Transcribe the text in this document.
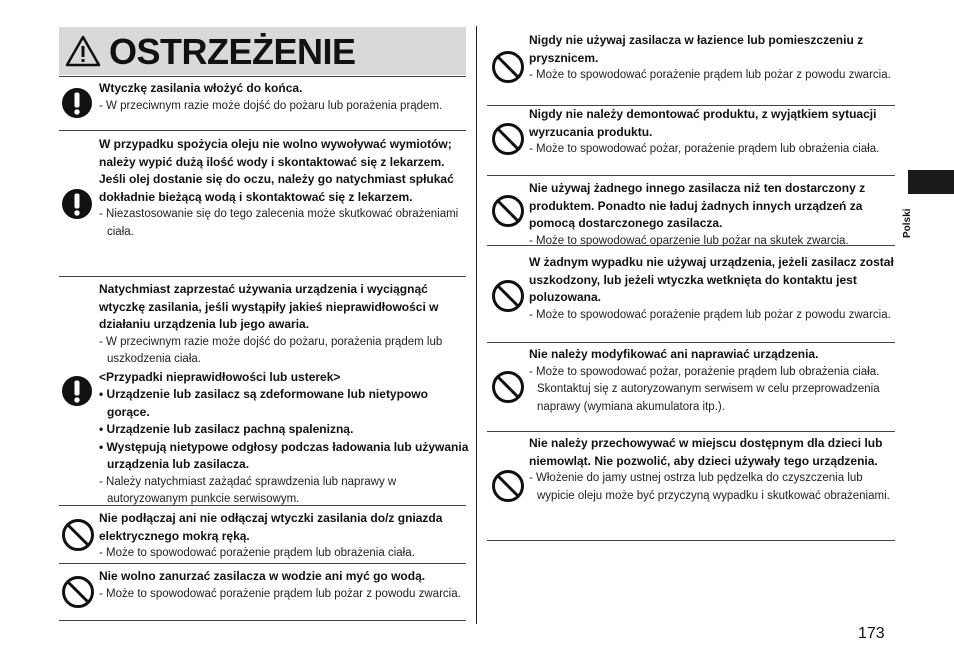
OSTRZEŻENIE
Wtyczkę zasilania włożyć do końca.
- W przeciwnym razie może dojść do pożaru lub porażenia prądem.
W przypadku spożycia oleju nie wolno wywoływać wymiotów; należy wypić dużą ilość wody i skontaktować się z lekarzem.
Jeśli olej dostanie się do oczu, należy go natychmiast spłukać dokładnie bieżącą wodą i skontaktować się z lekarzem.
- Niezastosowanie się do tego zalecenia może skutkować obrażeniami ciała.
Natychmiast zaprzestać używania urządzenia i wyciągnąć wtyczkę zasilania, jeśli wystąpiły jakieś nieprawidłowości w działaniu urządzenia lub jego awaria.
- W przeciwnym razie może dojść do pożaru, porażenia prądem lub uszkodzenia ciała.
<Przypadki nieprawidłowości lub usterek>
• Urządzenie lub zasilacz są zdeformowane lub nietypowo gorące.
• Urządzenie lub zasilacz pachną spalenizną.
• Występują nietypowe odgłosy podczas ładowania lub używania urządzenia lub zasilacza.
- Należy natychmiast zażądać sprawdzenia lub naprawy w autoryzowanym punkcie serwisowym.
Nie podłączaj ani nie odłączaj wtyczki zasilania do/z gniazda elektrycznego mokrą ręką.
- Może to spowodować porażenie prądem lub obrażenia ciała.
Nie wolno zanurzać zasilacza w wodzie ani myć go wodą.
- Może to spowodować porażenie prądem lub pożar z powodu zwarcia.
Nigdy nie używaj zasilacza w łazience lub pomieszczeniu z prysznicem.
- Może to spowodować porażenie prądem lub pożar z powodu zwarcia.
Nigdy nie należy demontować produktu, z wyjątkiem sytuacji wyrzucania produktu.
- Może to spowodować pożar, porażenie prądem lub obrażenia ciała.
Nie używaj żadnego innego zasilacza niż ten dostarczony z produktem. Ponadto nie ładuj żadnych innych urządzeń za pomocą dostarczonego zasilacza.
- Może to spowodować oparzenie lub pożar na skutek zwarcia.
W żadnym wypadku nie używaj urządzenia, jeżeli zasilacz został uszkodzony, lub jeżeli wtyczka wetknięta do kontaktu jest poluzowana.
- Może to spowodować porażenie prądem lub pożar z powodu zwarcia.
Nie należy modyfikować ani naprawiać urządzenia.
- Może to spowodować pożar, porażenie prądem lub obrażenia ciała.
Skontaktuj się z autoryzowanym serwisem w celu przeprowadzenia naprawy (wymiana akumulatora itp.).
Nie należy przechowywać w miejscu dostępnym dla dzieci lub niemowląt. Nie pozwolić, aby dzieci używały tego urządzenia.
- Włożenie do jamy ustnej ostrza lub pędzelka do czyszczenia lub wypicie oleju może być przyczyną wypadku i skutkować obrażeniami.
Polski
173
